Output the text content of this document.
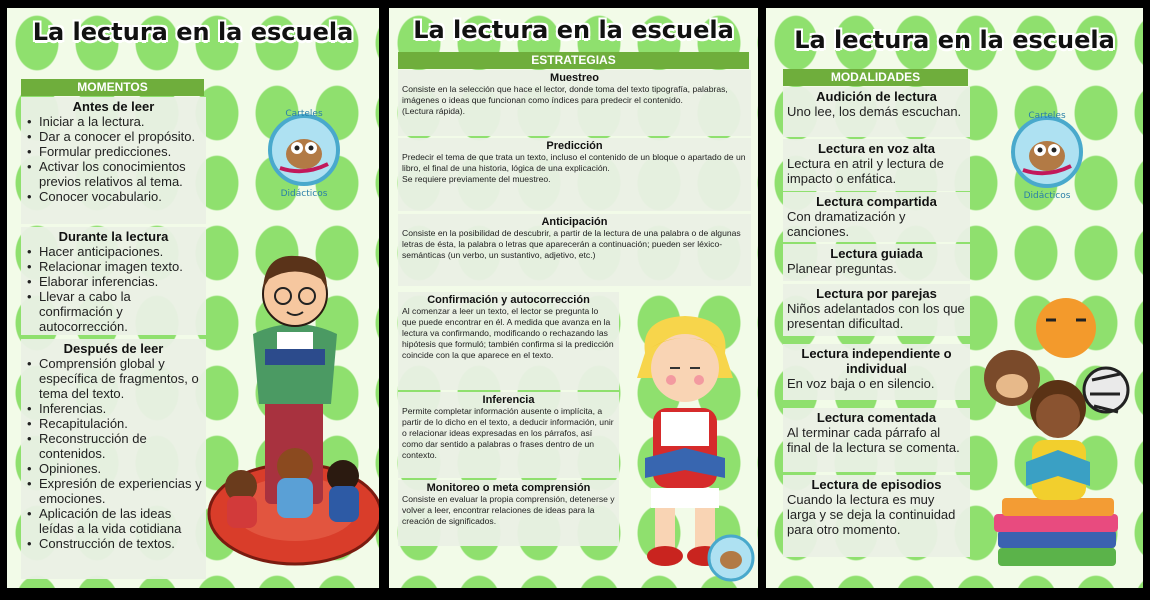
La lectura en la escuela
MOMENTOS
Antes de leer
• Iniciar a la lectura.
• Dar a conocer el propósito.
• Formular predicciones.
• Activar los conocimientos previos relativos al tema.
• Conocer vocabulario.
Durante la lectura
• Hacer anticipaciones.
• Relacionar imagen texto.
• Elaborar inferencias.
• Llevar a cabo la confirmación y autocorrección.
Después de leer
• Comprensión global y específica de fragmentos, o tema del texto.
• Inferencias.
• Recapitulación.
• Reconstrucción de contenidos.
• Opiniones.
• Expresión de experiencias y emociones.
• Aplicación de las ideas leídas a la vida cotidiana
• Construcción de textos.
Carteles
Didácticos
La lectura en la escuela
ESTRATEGIAS

Muestreo

Consiste en la selección que hace el lector, donde toma del texto tipografía, palabras, imágenes o ideas que funcionan como índices para predecir el contenido.

(Lectura rápida).

Predicción

Predecir el tema de que trata un texto, incluso el contenido de un bloque o apartado de un libro, el final de una historia, lógica de una explicación.

Se requiere previamente del muestreo.

Anticipación

Consiste en la posibilidad de descubrir, a partir de la lectura de una palabra o de algunas letras de ésta, la palabra o letras que aparecerán a continuación; pueden ser léxico-semánticas (un verbo, un sustantivo, adjetivo, etc.)

Confirmación y autocorrección

Al comenzar a leer un texto, el lector se pregunta lo que puede encontrar en él. A medida que avanza en la lectura va confirmando, modificando o rechazando las hipótesis que formuló; también confirma si la predicción coincide con la que aparece en el texto.

Inferencia

Permite completar información ausente o implícita, a partir de lo dicho en el texto, a deducir información, unir o relacionar ideas expresadas en los párrafos, así como dar sentido a palabras o frases dentro de un contexto.

Monitoreo o meta comprensión

Consiste en evaluar la propia comprensión, detenerse y volver a leer, encontrar relaciones de ideas para la creación de significados.

La lectura en la escuela
MODALIDADES

Audición de lectura

Uno lee, los demás escuchan.

Lectura en voz alta

Lectura en atril y lectura de impacto o enfática.

Lectura compartida

Con dramatización y canciones.

Lectura guiada

Planear preguntas.

Lectura por parejas

Niños adelantados con los que presentan dificultad.

Lectura independiente o individual

En voz baja o en silencio.

Lectura comentada

Al terminar cada párrafo al final de la lectura se comenta.

Lectura de episodios

Cuando la lectura es muy larga y se deja la continuidad para otro momento.

Carteles
Didácticos
